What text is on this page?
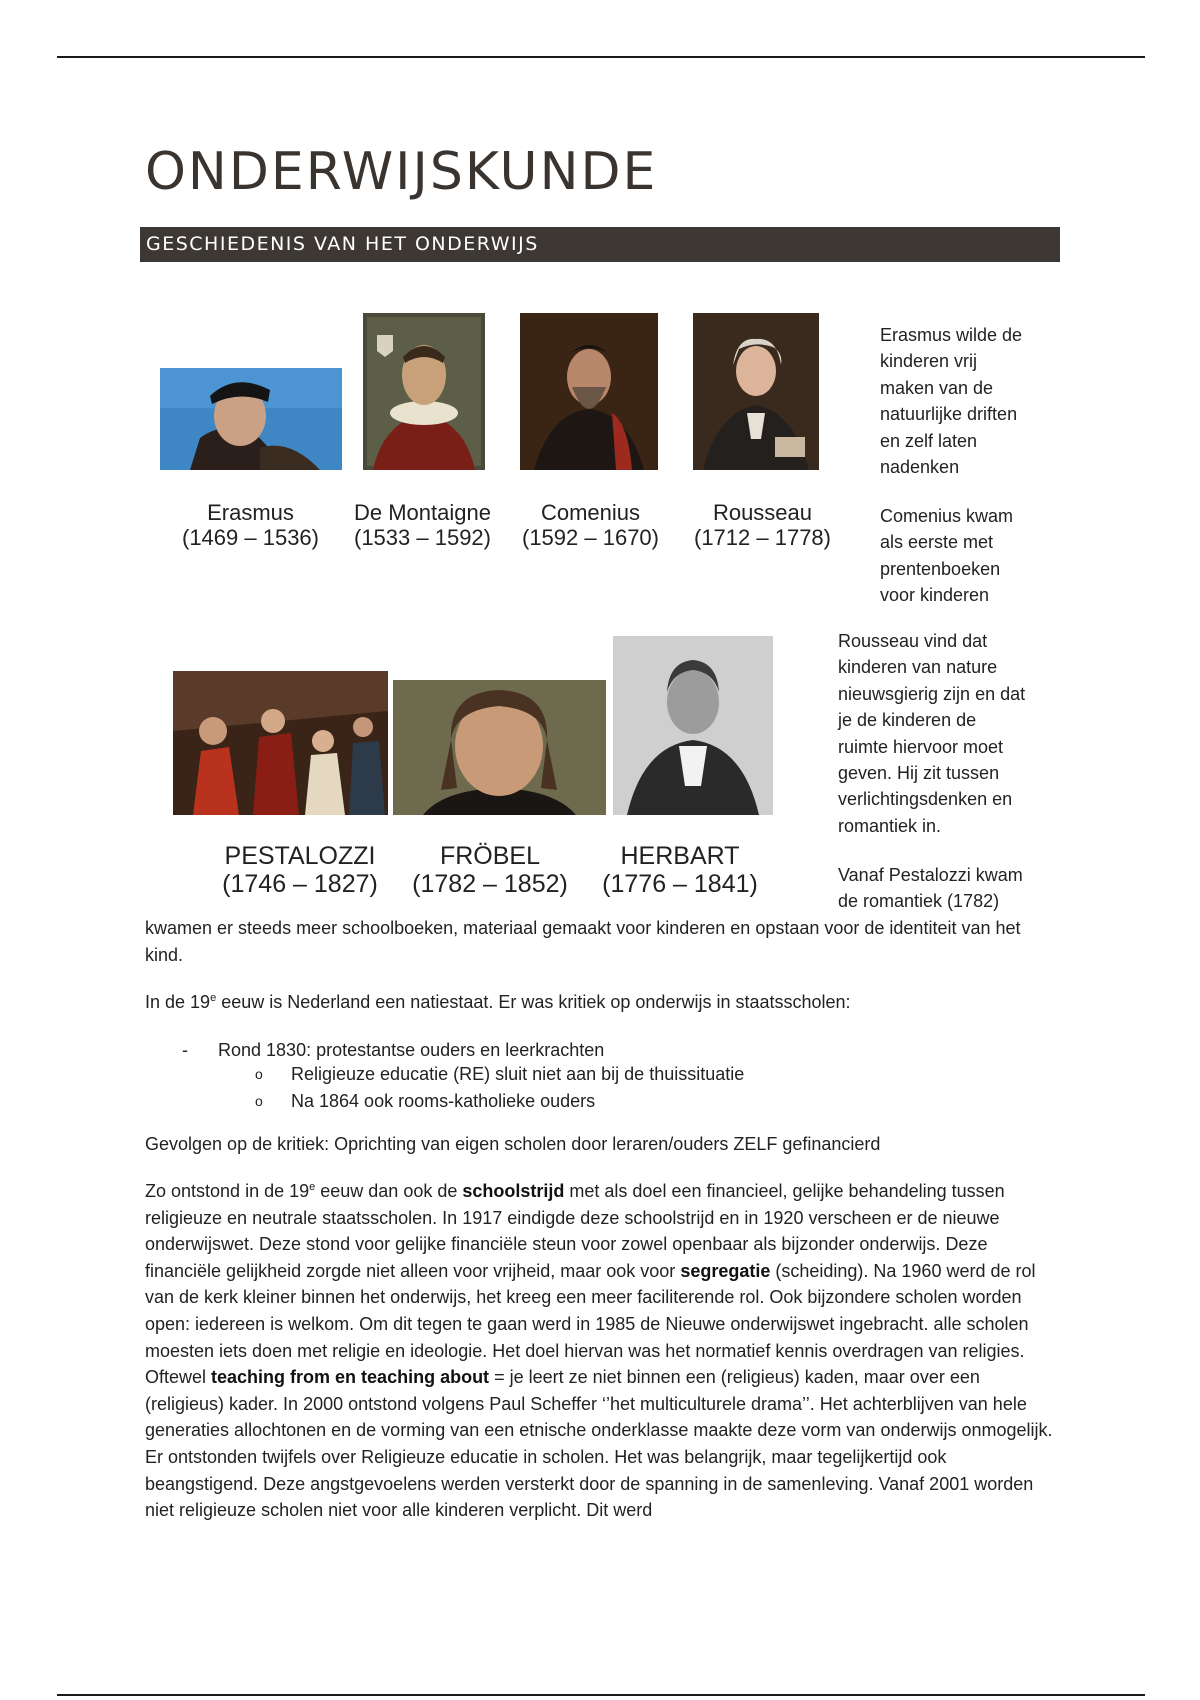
ONDERWIJSKUNDE
GESCHIEDENIS VAN HET ONDERWIJS
Erasmus
(1469 – 1536)
De Montaigne
(1533 – 1592)
Comenius
(1592 – 1670)
Rousseau
(1712 – 1778)
Erasmus wilde de
kinderen vrij
maken van de
natuurlijke driften
en zelf laten
nadenken
Comenius kwam
als eerste met
prentenboeken
voor kinderen
Rousseau vind dat
kinderen van nature
nieuwsgierig zijn en dat
je de kinderen de
ruimte hiervoor moet
geven. Hij zit tussen
verlichtingsdenken en
romantiek in.
Vanaf Pestalozzi kwam
de romantiek (1782)
PESTALOZZI
(1746 – 1827)
FRÖBEL
(1782 – 1852)
HERBART
(1776 – 1841)

kwamen er steeds meer schoolboeken, materiaal gemaakt voor kinderen en opstaan voor de identiteit van het kind.

In de 19e eeuw is Nederland een natiestaat. Er was kritiek op onderwijs in staatsscholen:

- Rond 1830: protestantse ouders en leerkrachten
o Religieuze educatie (RE) sluit niet aan bij de thuissituatie
o Na 1864 ook rooms-katholieke ouders

Gevolgen op de kritiek: Oprichting van eigen scholen door leraren/ouders ZELF gefinancierd

Zo ontstond in de 19e eeuw dan ook de schoolstrijd met als doel een financieel, gelijke behandeling tussen religieuze en neutrale staatsscholen. In 1917 eindigde deze schoolstrijd en in 1920 verscheen er de nieuwe onderwijswet. Deze stond voor gelijke financiële steun voor zowel openbaar als bijzonder onderwijs. Deze financiële gelijkheid zorgde niet alleen voor vrijheid, maar ook voor segregatie (scheiding). Na 1960 werd de rol van de kerk kleiner binnen het onderwijs, het kreeg een meer faciliterende rol. Ook bijzondere scholen worden open: iedereen is welkom. Om dit tegen te gaan werd in 1985 de Nieuwe onderwijswet ingebracht. alle scholen moesten iets doen met religie en ideologie. Het doel hiervan was het normatief kennis overdragen van religies. Oftewel teaching from en teaching about = je leert ze niet binnen een (religieus) kaden, maar over een (religieus) kader. In 2000 ontstond volgens Paul Scheffer ‘’het multiculturele drama’’. Het achterblijven van hele generaties allochtonen en de vorming van een etnische onderklasse maakte deze vorm van onderwijs onmogelijk. Er ontstonden twijfels over Religieuze educatie in scholen. Het was belangrijk, maar tegelijkertijd ook beangstigend. Deze angstgevoelens werden versterkt door de spanning in de samenleving. Vanaf 2001 worden niet religieuze scholen niet voor alle kinderen verplicht. Dit werd
